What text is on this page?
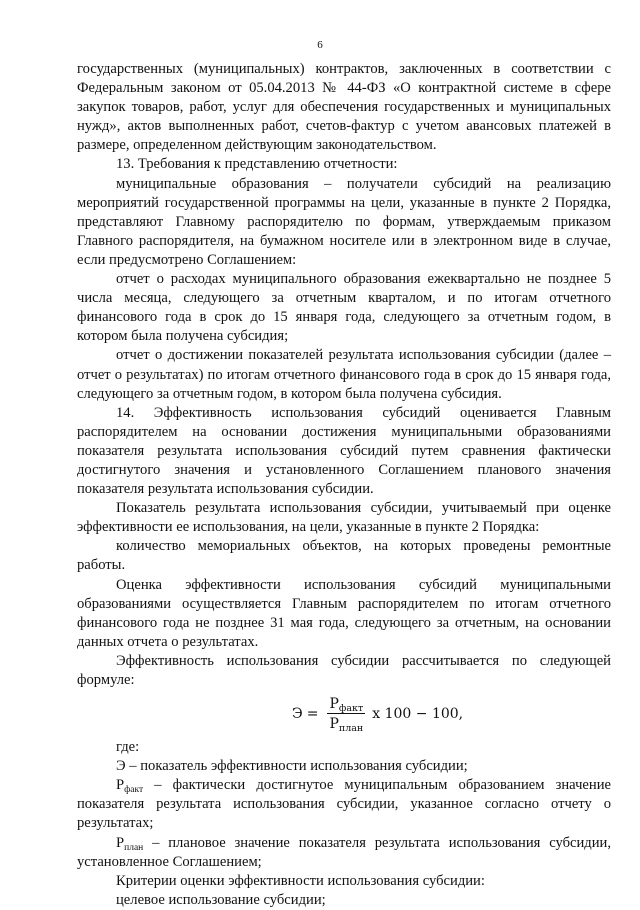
6

государственных (муниципальных) контрактов, заключенных в соответствии с Федеральным законом от 05.04.2013 № 44-ФЗ «О контрактной системе в сфере закупок товаров, работ, услуг для обеспечения государственных и муниципальных нужд», актов выполненных работ, счетов-фактур с учетом авансовых платежей в размере, определенном действующим законодательством.

13. Требования к представлению отчетности:

муниципальные образования – получатели субсидий на реализацию мероприятий государственной программы на цели, указанные в пункте 2 Порядка, представляют Главному распорядителю по формам, утверждаемым приказом Главного распорядителя, на бумажном носителе или в электронном виде в случае, если предусмотрено Соглашением:

отчет о расходах муниципального образования ежеквартально не позднее 5 числа месяца, следующего за отчетным кварталом, и по итогам отчетного финансового года в срок до 15 января года, следующего за отчетным годом, в котором была получена субсидия;

отчет о достижении показателей результата использования субсидии (далее – отчет о результатах) по итогам отчетного финансового года в срок до 15 января года, следующего за отчетным годом, в котором была получена субсидия.

14. Эффективность использования субсидий оценивается Главным распорядителем на основании достижения муниципальными образованиями показателя результата использования субсидий путем сравнения фактически достигнутого значения и установленного Соглашением планового значения показателя результата использования субсидии.

Показатель результата использования субсидии, учитываемый при оценке эффективности ее использования, на цели, указанные в пункте 2 Порядка:

количество мемориальных объектов, на которых проведены ремонтные работы.

Оценка эффективности использования субсидий муниципальными образованиями осуществляется Главным распорядителем по итогам отчетного финансового года не позднее 31 мая года, следующего за отчетным, на основании данных отчета о результатах.

Эффективность использования субсидии рассчитывается по следующей формуле:

$Э = \frac{Р_{факт}}{Р_{план}}$ х 100 − 100,

где:

Э – показатель эффективности использования субсидии;

$Р_{факт}$ – фактически достигнутое муниципальным образованием значение показателя результата использования субсидии, указанное согласно отчету о результатах;

$Р_{план}$ – плановое значение показателя результата использования субсидии, установленное Соглашением;

Критерии оценки эффективности использования субсидии:

целевое использование субсидии;
